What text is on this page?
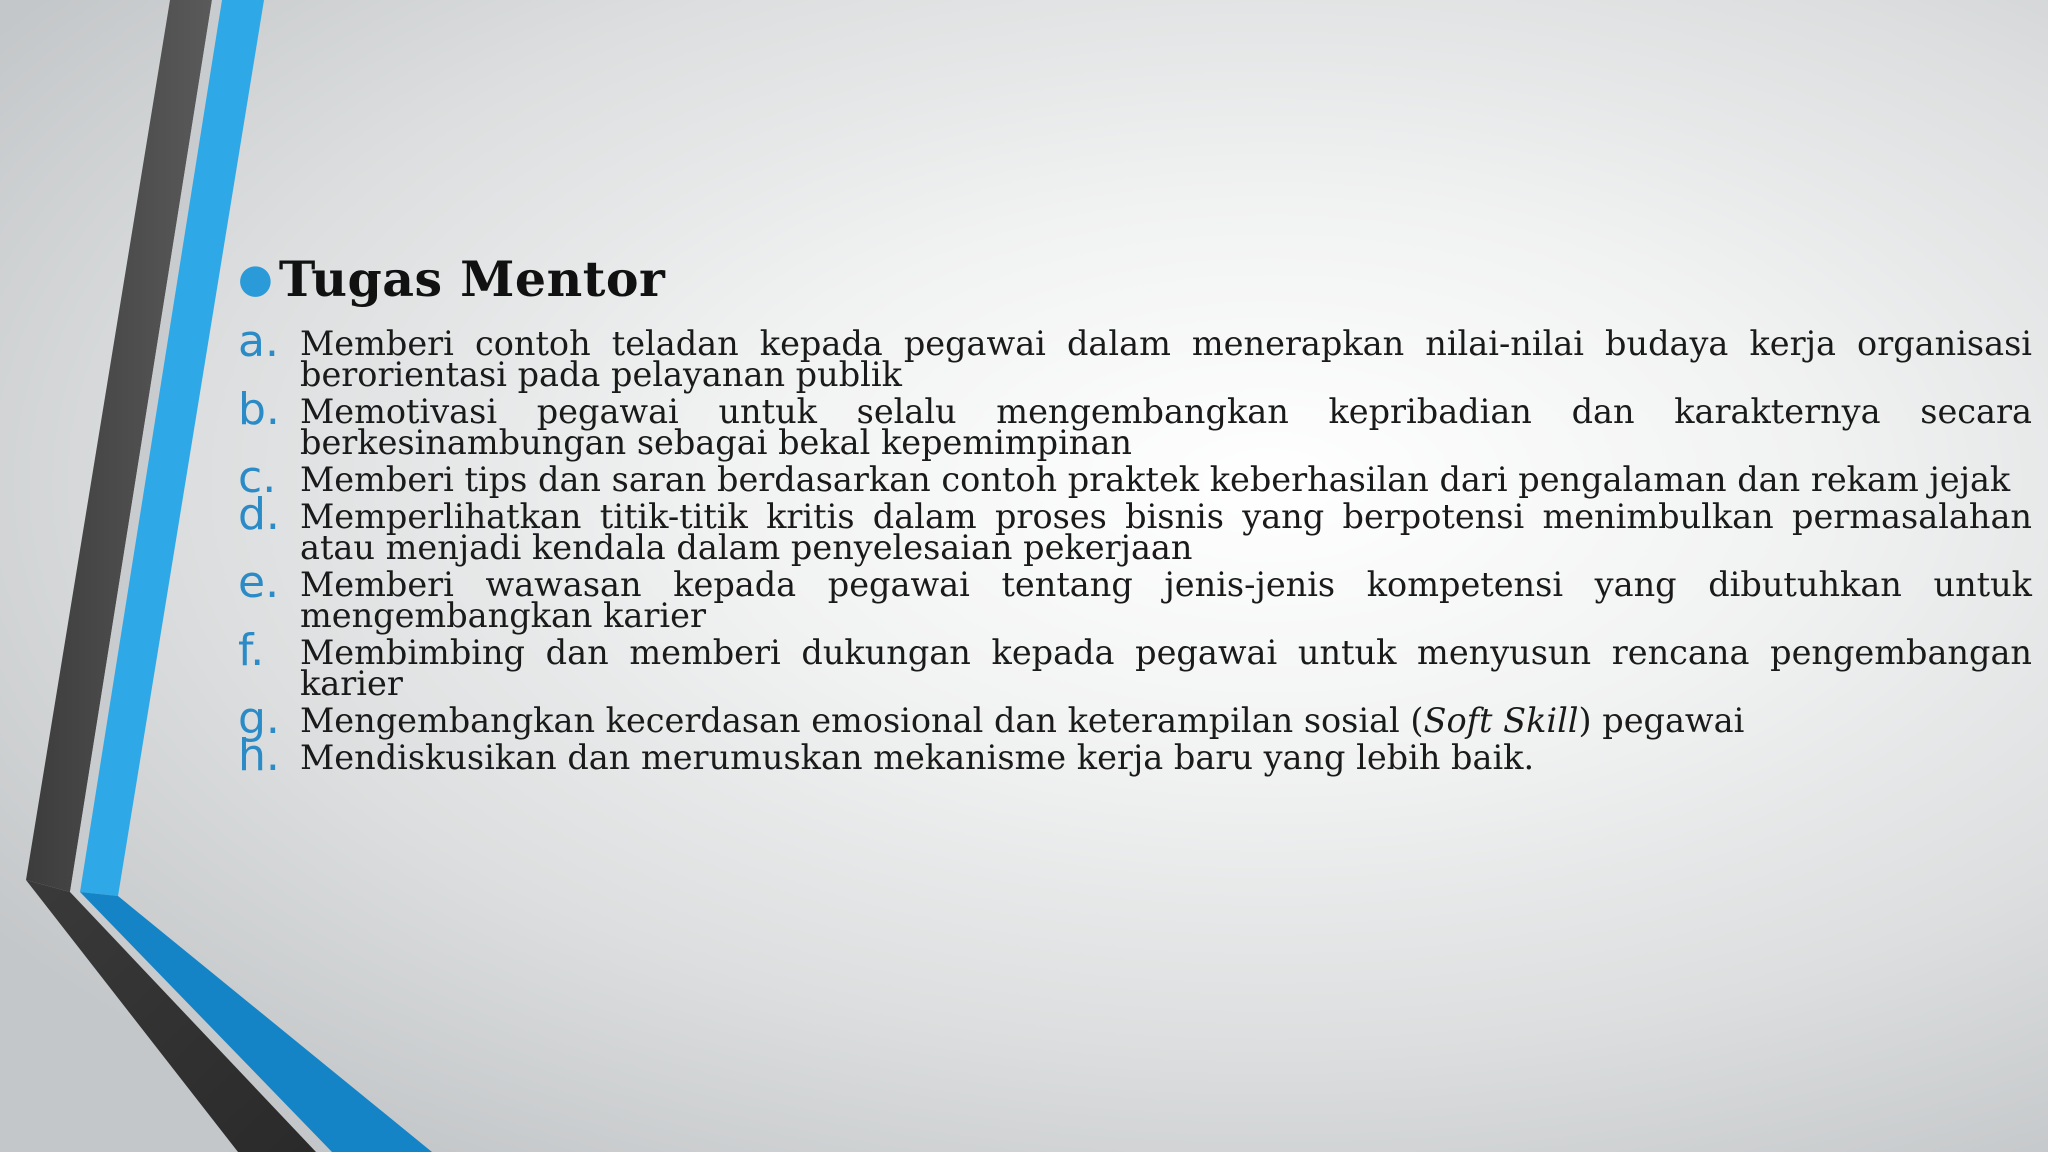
● Tugas Mentor
a. Memberi contoh teladan kepada pegawai dalam menerapkan nilai-nilai budaya kerja organisasi berorientasi pada pelayanan publik
b. Memotivasi pegawai untuk selalu mengembangkan kepribadian dan karakternya secara berkesinambungan sebagai bekal kepemimpinan
c. Memberi tips dan saran berdasarkan contoh praktek keberhasilan dari pengalaman dan rekam jejak
d. Memperlihatkan titik-titik kritis dalam proses bisnis yang berpotensi menimbulkan permasalahan atau menjadi kendala dalam penyelesaian pekerjaan
e. Memberi wawasan kepada pegawai tentang jenis-jenis kompetensi yang dibutuhkan untuk mengembangkan karier
f.	Membimbing dan memberi dukungan kepada pegawai untuk menyusun rencana pengembangan karier
g. Mengembangkan kecerdasan emosional dan keterampilan sosial (Soft Skill) pegawai
h. Mendiskusikan dan merumuskan mekanisme kerja baru yang lebih baik.
